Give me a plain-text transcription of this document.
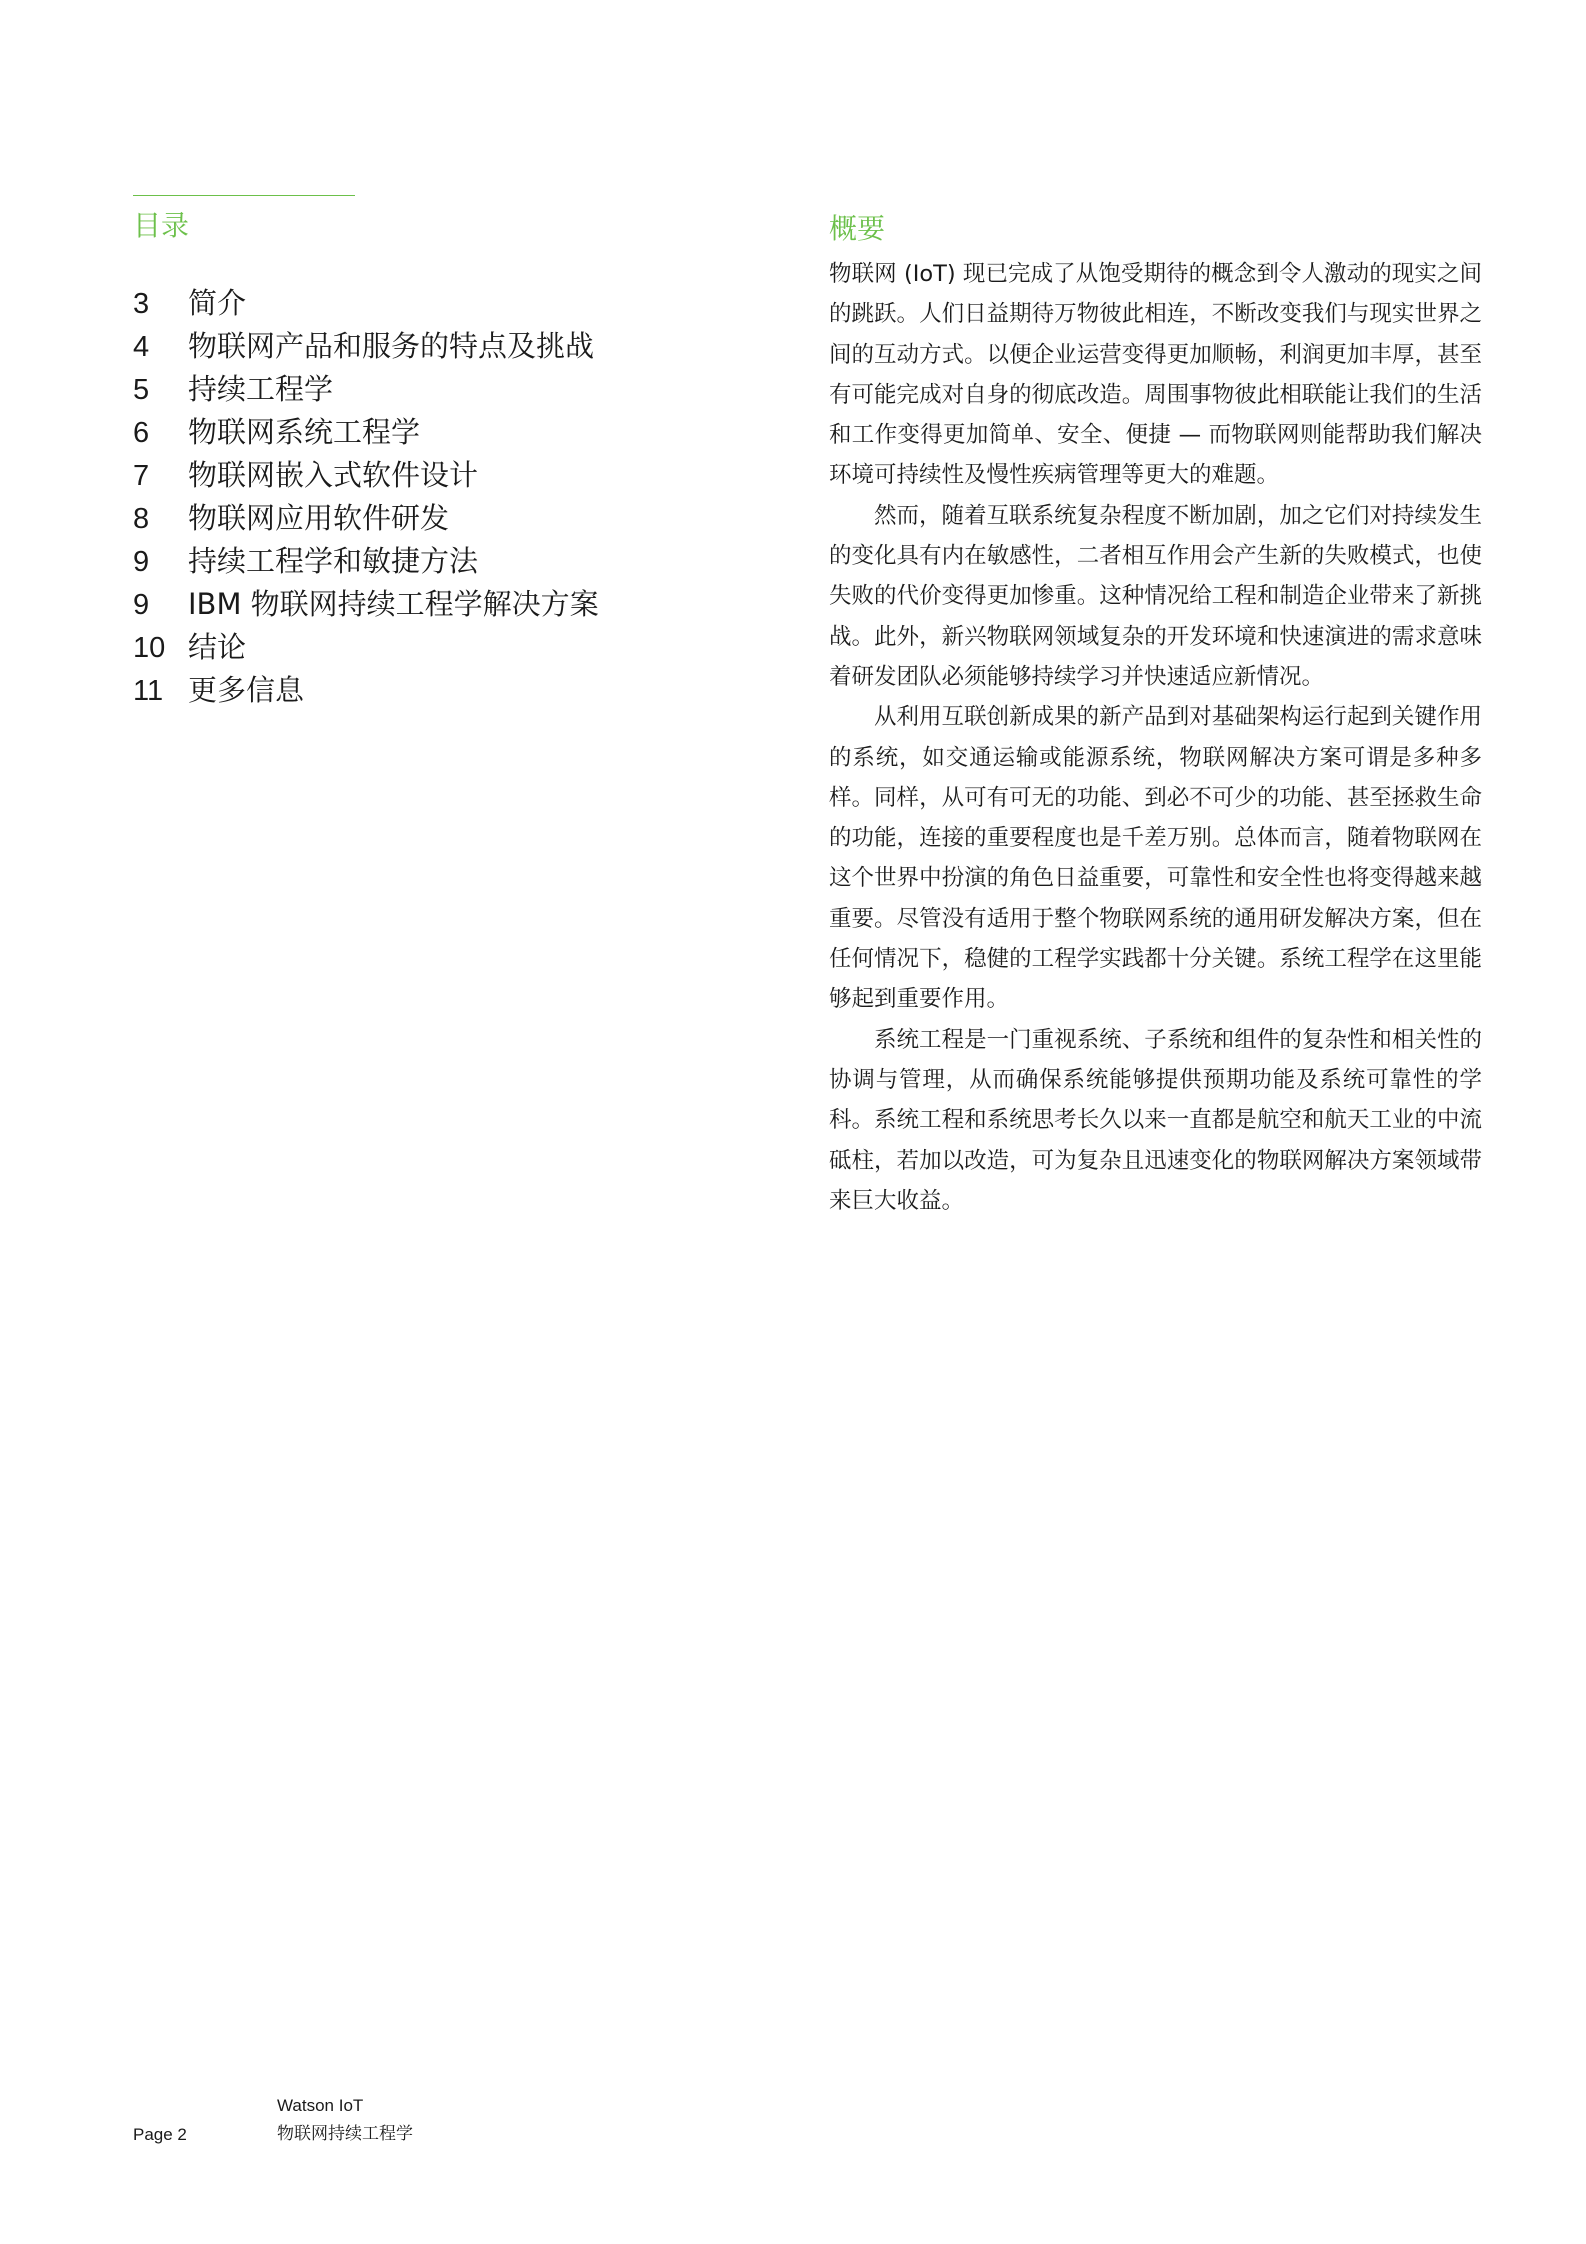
目录
3	简介
4	物联网产品和服务的特点及挑战
5	持续工程学
6	物联网系统工程学
7	物联网嵌入式软件设计
8	物联网应用软件研发
9	持续工程学和敏捷方法
9	IBM 物联网持续工程学解决方案
10 结论
11 更多信息
概要

物联网 (IoT) 现已完成了从饱受期待的概念到令人激动的现实之间的跳跃。人们日益期待万物彼此相连，不断改变我们与现实世界之间的互动方式。以便企业运营变得更加顺畅，利润更加丰厚，甚至有可能完成对自身的彻底改造。周围事物彼此相联能让我们的生活和工作变得更加简单、安全、便捷 — 而物联网则能帮助我们解决环境可持续性及慢性疾病管理等更大的难题。

然而，随着互联系统复杂程度不断加剧，加之它们对持续发生的变化具有内在敏感性，二者相互作用会产生新的失败模式，也使失败的代价变得更加惨重。这种情况给工程和制造企业带来了新挑战。此外，新兴物联网领域复杂的开发环境和快速演进的需求意味着研发团队必须能够持续学习并快速适应新情况。

从利用互联创新成果的新产品到对基础架构运行起到关键作用的系统，如交通运输或能源系统，物联网解决方案可谓是多种多样。同样，从可有可无的功能、到必不可少的功能、甚至拯救生命的功能，连接的重要程度也是千差万别。总体而言，随着物联网在这个世界中扮演的角色日益重要，可靠性和安全性也将变得越来越重要。尽管没有适用于整个物联网系统的通用研发解决方案，但在任何情况下，稳健的工程学实践都十分关键。系统工程学在这里能够起到重要作用。

系统工程是一门重视系统、子系统和组件的复杂性和相关性的协调与管理，从而确保系统能够提供预期功能及系统可靠性的学科。系统工程和系统思考长久以来一直都是航空和航天工业的中流砥柱，若加以改造，可为复杂且迅速变化的物联网解决方案领域带来巨大收益。

Page 2
Watson IoT
物联网持续工程学
